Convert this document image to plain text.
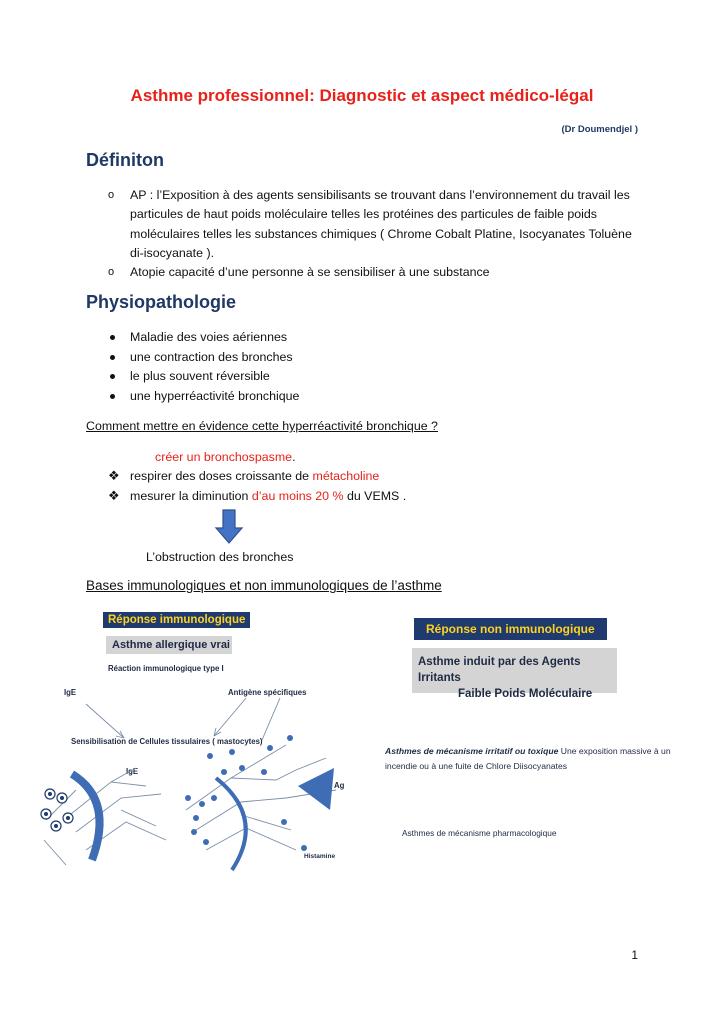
Asthme professionnel: Diagnostic et aspect médico-légal
(Dr Doumendjel )
Définiton
o AP : l’Exposition à des agents sensibilisants se trouvant dans l’environnement du travail les
particules de haut poids moléculaire telles les protéines des particules de faible poids
moléculaires telles les substances chimiques ( Chrome Cobalt Platine, Isocyanates Toluène
di-isocyanate ).
o Atopie capacité d’une personne à se sensibiliser à une substance
Physiopathologie
Maladie des voies aériennes
une contraction des bronches
le plus souvent réversible
une hyperréactivité bronchique
Comment mettre en évidence cette hyperréactivité bronchique ?
créer un bronchospasme.
❖ respirer des doses croissante de métacholine
❖ mesurer la diminution d’au moins 20 % du VEMS .
L’obstruction des bronches
Bases immunologiques et non immunologiques de l’asthme
Réponse immunologique
Asthme allergique vrai
Réaction immunologique type I
IgE	Antigène spécifiques
Sensibilisation de Cellules tissulaires ( mastocytes)
IgE
Ag
Histamine
Réponse non immunologique
Asthme induit par des Agents Irritants
Faible Poids Moléculaire
Asthmes de mécanisme irritatif ou toxique Une exposition massive à un
incendie ou à une fuite de Chlore Diisocyanates
Asthmes de mécanisme pharmacologique
1
